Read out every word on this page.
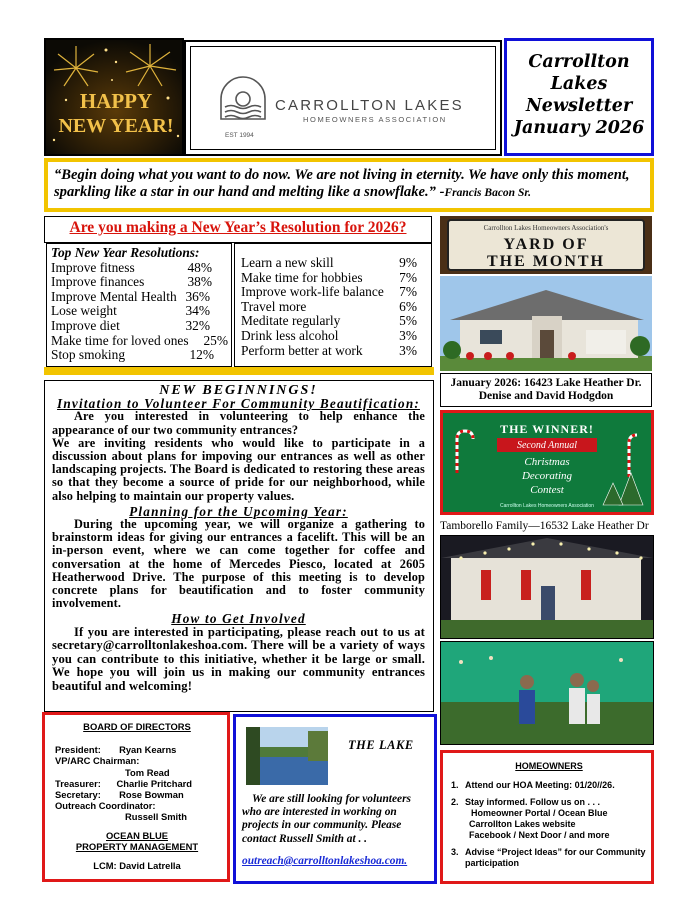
HAPPY
NEW YEAR!	EST 1994
CARROLLTON LAKES
HOMEOWNERS ASSOCIATION
Carrollton
Lakes
Newsletter
January 2026
“Begin doing what you want to do now. We are not living in eternity. We have only this moment, sparkling like a star in our hand and melting like a snowflake.” -Francis Bacon Sr.
Are you making a New Year’s Resolution for 2026?
Top New Year Resolutions:
Improve fitness	48%
Improve finances	38%
Improve Mental Health 36%
Lose weight	34%
Improve diet	32%
Make time for loved ones 25%
Stop smoking	12%
Learn a new skill	9%
Make time for hobbies	7%
Improve work-life balance 7%
Travel more	6%
Meditate regularly	5%
Drink less alcohol	3%
Perform better at work	3%
Carrollton Lakes Homeowners Association's
YARD OF
THE MONTH
January 2026: 16423 Lake Heather Dr.
Denise and David Hodgdon
THE WINNER!
Second Annual
Christmas
Decorating
Contest
Carrollton Lakes Homeowners Association
Tamborello Family—16532 Lake Heather Dr
NEW BEGINNINGS!
Invitation to Volunteer For Community Beautification:
Are you interested in volunteering to help enhance the appearance of our two community entrances?
We are inviting residents who would like to participate in a discussion about plans for impoving our entrances as well as other landscaping projects. The Board is dedicated to restoring these areas so that they become a source of pride for our neighborhood, while also helping to maintain our property values.
Planning for the Upcoming Year:
During the upcoming year, we will organize a gathering to brainstorm ideas for giving our entrances a facelift. This will be an in-person event, where we can come together for coffee and conversation at the home of Mercedes Piesco, located at 2605 Heatherwood Drive. The purpose of this meeting is to develop concrete plans for beautification and to foster community involvement.
How to Get Involved
If you are interested in participating, please reach out to us at secretary@carrolltonlakeshoa.com. There will be a variety of ways you can contribute to this initiative, whether it be large or small. We hope you will join us in making our community entrances beautiful and welcoming!
BOARD OF DIRECTORS
President:       Ryan Kearns
VP/ARC Chairman:
Tom Read
Treasurer:      Charlie Pritchard
Secretary:       Rose Bowman
Outreach Coordinator:
Russell Smith
OCEAN BLUE
PROPERTY MANAGEMENT
LCM: David Latrella
THE LAKE
We are still looking for volunteers who are interested in working on projects in our community. Please contact Russell Smith at . .
outreach@carrolltonlakeshoa.com.
HOMEOWNERS
1. Attend our HOA Meeting: 01/20//26.
2. Stay informed. Follow us on . . .
Homeowner Portal / Ocean Blue
Carrollton Lakes website
Facebook / Next Door / and more
3. Advise “Project Ideas” for our Community participation
